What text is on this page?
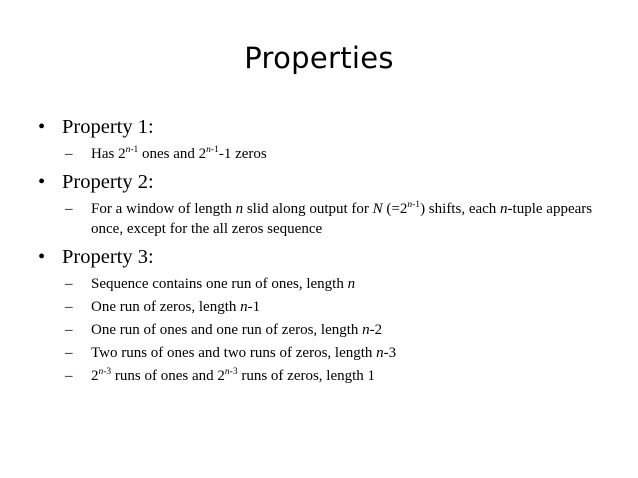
Properties
• Property 1:
– Has 2$^{n-1}$ ones and 2$^{n-1}$-1 zeros
• Property 2:
– For a window of length n slid along output for N $(=2^{n-1})$ shifts, each n-tuple appears once, except for the all zeros sequence
• Property 3:
– Sequence contains one run of ones, length n
– One run of zeros, length n-1
– One run of ones and one run of zeros, length n-2
– Two runs of ones and two runs of zeros, length n-3
– 2$^{n-3}$ runs of ones and 2$^{n-3}$ runs of zeros, length 1
